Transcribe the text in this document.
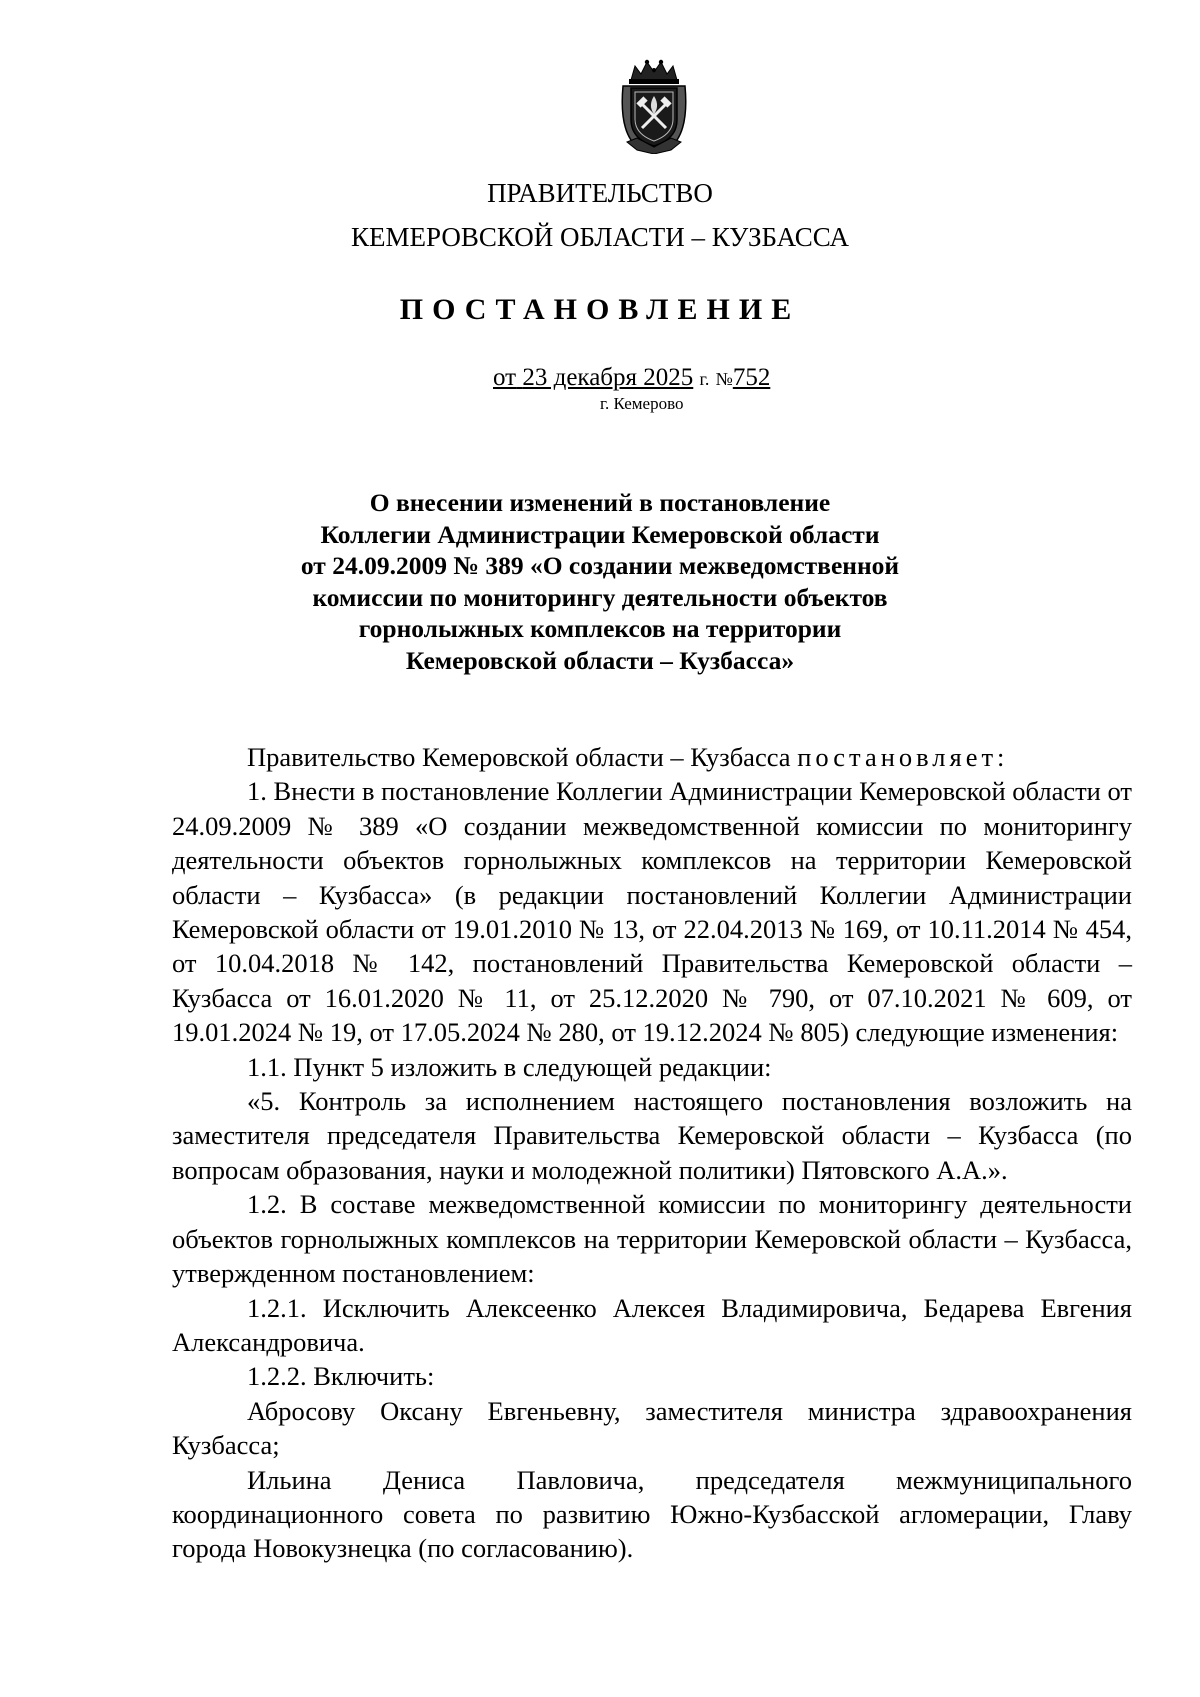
ПРАВИТЕЛЬСТВО
КЕМЕРОВСКОЙ ОБЛАСТИ – КУЗБАССА
ПОСТАНОВЛЕНИЕ
от 23 декабря 2025 г. №752
г. Кемерово
О внесении изменений в постановление
Коллегии Администрации Кемеровской области
от 24.09.2009 № 389 «О создании межведомственной
комиссии по мониторингу деятельности объектов
горнолыжных комплексов на территории
Кемеровской области – Кузбасса»

Правительство Кемеровской области – Кузбасса постановляет:

1. Внести в постановление Коллегии Администрации Кемеровской области от 24.09.2009 № 389 «О создании межведомственной комиссии по мониторингу деятельности объектов горнолыжных комплексов на территории Кемеровской области – Кузбасса» (в редакции постановлений Коллегии Администрации Кемеровской области от 19.01.2010 № 13, от 22.04.2013 № 169, от 10.11.2014 № 454, от 10.04.2018 № 142, постановлений Правительства Кемеровской области – Кузбасса от 16.01.2020 № 11, от 25.12.2020 № 790, от 07.10.2021 № 609, от 19.01.2024 № 19, от 17.05.2024 № 280, от 19.12.2024 № 805) следующие изменения:

1.1. Пункт 5 изложить в следующей редакции:

«5. Контроль за исполнением настоящего постановления возложить на заместителя председателя Правительства Кемеровской области – Кузбасса (по вопросам образования, науки и молодежной политики) Пятовского А.А.».

1.2. В составе межведомственной комиссии по мониторингу деятельности объектов горнолыжных комплексов на территории Кемеровской области – Кузбасса, утвержденном постановлением:

1.2.1. Исключить Алексеенко Алексея Владимировича, Бедарева Евгения Александровича.

1.2.2. Включить:

Абросову Оксану Евгеньевну, заместителя министра здравоохранения Кузбасса;

Ильина Дениса Павловича, председателя межмуниципального координационного совета по развитию Южно-Кузбасской агломерации, Главу города Новокузнецка (по согласованию).
